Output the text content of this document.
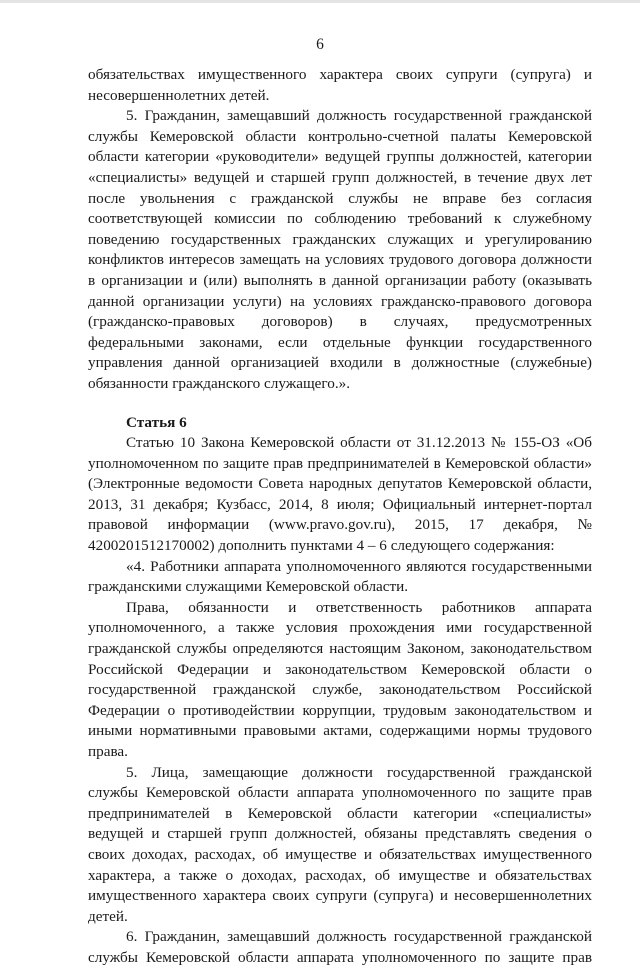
6

обязательствах имущественного характера своих супруги (супруга) и несовершеннолетних детей.

5. Гражданин, замещавший должность государственной гражданской службы Кемеровской области контрольно-счетной палаты Кемеровской области категории «руководители» ведущей группы должностей, категории «специалисты» ведущей и старшей групп должностей, в течение двух лет после увольнения с гражданской службы не вправе без согласия соответствующей комиссии по соблюдению требований к служебному поведению государственных гражданских служащих и урегулированию конфликтов интересов замещать на условиях трудового договора должности в организации и (или) выполнять в данной организации работу (оказывать данной организации услуги) на условиях гражданско-правового договора (гражданско-правовых договоров) в случаях, предусмотренных федеральными законами, если отдельные функции государственного управления данной организацией входили в должностные (служебные) обязанности гражданского служащего.».

Статья 6

Статью 10 Закона Кемеровской области от 31.12.2013 № 155-ОЗ «Об уполномоченном по защите прав предпринимателей в Кемеровской области» (Электронные ведомости Совета народных депутатов Кемеровской области, 2013, 31 декабря; Кузбасс, 2014, 8 июля; Официальный интернет-портал правовой информации (www.pravo.gov.ru), 2015, 17 декабря, № 4200201512170002) дополнить пунктами 4 – 6 следующего содержания:

«4. Работники аппарата уполномоченного являются государственными гражданскими служащими Кемеровской области.

Права, обязанности и ответственность работников аппарата уполномоченного, а также условия прохождения ими государственной гражданской службы определяются настоящим Законом, законодательством Российской Федерации и законодательством Кемеровской области о государственной гражданской службе, законодательством Российской Федерации о противодействии коррупции, трудовым законодательством и иными нормативными правовыми актами, содержащими нормы трудового права.

5. Лица, замещающие должности государственной гражданской службы Кемеровской области аппарата уполномоченного по защите прав предпринимателей в Кемеровской области категории «специалисты» ведущей и старшей групп должностей, обязаны представлять сведения о своих доходах, расходах, об имуществе и обязательствах имущественного характера, а также о доходах, расходах, об имуществе и обязательствах имущественного характера своих супруги (супруга) и несовершеннолетних детей.

6. Гражданин, замещавший должность государственной гражданской службы Кемеровской области аппарата уполномоченного по защите прав
